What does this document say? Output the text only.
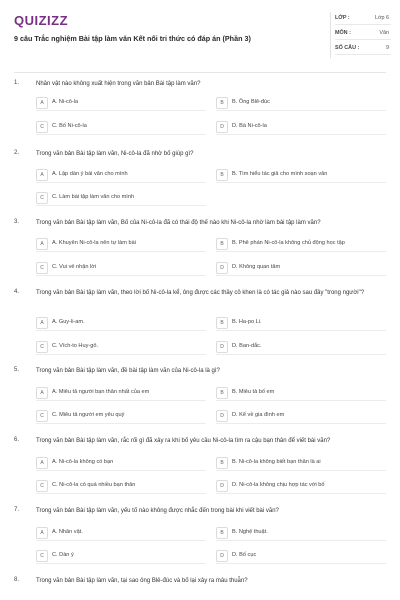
QUIZIZZ
9 câu Trắc nghiệm Bài tập làm văn Kết nối tri thức có đáp án (Phần 3)
LỚP :	Lớp 6
MÔN :	Văn
SỐ CÂU :	9
1.	Nhân vật nào không xuất hiện trong văn bản Bài tập làm văn?
A	A. Ni-cô-la	B	B. Ông Blê-đúc
C	C. Bố Ni-cô-la	D	D. Bà Ni-cô-la
2.	Trong văn bản Bài tập làm văn, Ni-cô-la đã nhờ bố giúp gì?
A	A. Lập dàn ý bài văn cho mình	B	B. Tìm hiểu tác giả cho mình soạn văn
C	C. Làm bài tập làm văn cho mình
3.	Trong văn bản Bài tập làm văn, Bố của Ni-cô-la đã có thái độ thế nào khi Ni-cô-la nhờ làm bài tập làm văn?
A	A. Khuyên Ni-cô-la nên tự làm bài	B	B. Phê phán Ni-cô-la không chủ động học tập
C	C. Vui vẻ nhận lời	D	D. Không quan tâm
4.	Trong văn bản Bài tập làm văn, theo lời bố Ni-cô-la kể, ông được các thầy cô khen là có tác giả nào sau đây "trong người"?
A	A. Guy-li-am.	B	B. Hа-pо Li.
C	C. Vích-to Huy-gô.	D	D. Ban-dắc.
5.	Trong văn bản Bài tập làm văn, đề bài tập làm văn của Ni-cô-la là gì?
A	A. Miêu tả người bạn thân nhất của em	B	B. Miêu tả bố em
C	C. Miêu tả người em yêu quý	D	D. Kể về gia đình em
6.	Trong văn bản Bài tập làm văn, rắc rối gì đã xảy ra khi bố yêu cầu Ni-cô-la tìm ra cậu bạn thân để viết bài văn?
A	A. Ni-cô-la không có bạn	B	B. Ni-cô-la không biết bạn thân là ai
C	C. Ni-cô-la có quá nhiều bạn thân	D	D. Ni-cô-la không chịu hợp tác với bố
7.	Trong văn bản Bài tập làm văn, yếu tố nào không được nhắc đến trong bài khi viết bài văn?
A	A. Nhân vật.	B	B. Nghệ thuật.
C	C. Dàn ý	D	D. Bố cục
8.	Trong văn bản Bài tập làm văn, tại sao ông Blê-đúc và bố lại xảy ra mâu thuẫn?
